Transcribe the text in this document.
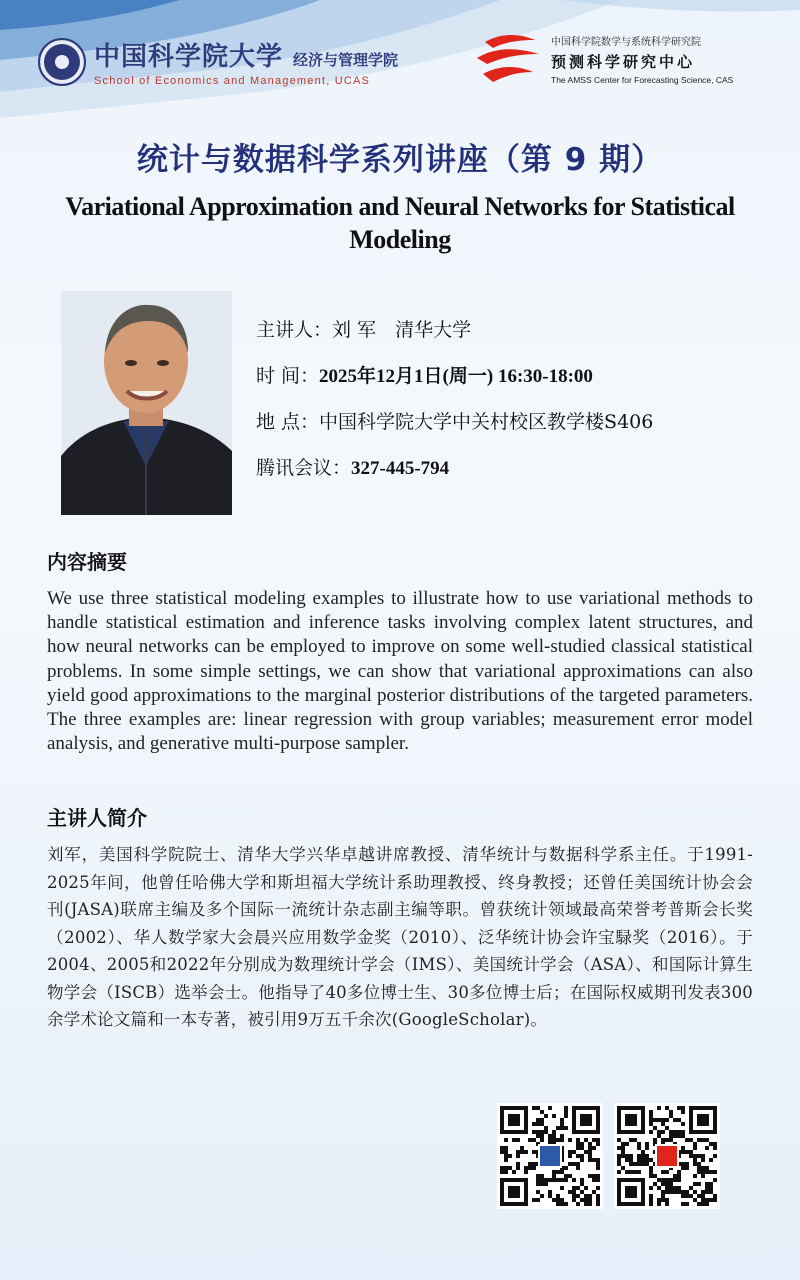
中国科学院大学 经济与管理学院
School of Economics and Management, UCAS
中国科学院数学与系统科学研究院
预测科学研究中心
The AMSS Center for Forecasting Science, CAS
统计与数据科学系列讲座（第 9 期）
Variational Approximation and Neural Networks for Statistical Modeling
主讲人：刘 军 清华大学
时 间：2025年12月1日(周一) 16:30-18:00
地 点：中国科学院大学中关村校区教学楼S406
腾讯会议：327-445-794
内容摘要
We use three statistical modeling examples to illustrate how to use variational methods to handle statistical estimation and inference tasks involving complex latent structures, and how neural networks can be employed to improve on some well-studied classical statistical problems. In some simple settings, we can show that variational approximations can also yield good approximations to the marginal posterior distributions of the targeted parameters. The three examples are: linear regression with group variables; measurement error model analysis, and generative multi-purpose sampler.
主讲人简介
刘军，美国科学院院士、清华大学兴华卓越讲席教授、清华统计与数据科学系主任。于1991-2025年间，他曾任哈佛大学和斯坦福大学统计系助理教授、终身教授；还曾任美国统计协会会刊(JASA)联席主编及多个国际一流统计杂志副主编等职。曾获统计领域最高荣誉考普斯会长奖（2002）、华人数学家大会晨兴应用数学金奖（2010）、泛华统计协会许宝騄奖（2016）。于2004、2005和2022年分别成为数理统计学会（IMS）、美国统计学会（ASA）、和国际计算生物学会（ISCB）选举会士。他指导了40多位博士生、30多位博士后；在国际权威期刊发表300余学术论文篇和一本专著，被引用9万五千余次(GoogleScholar)。
